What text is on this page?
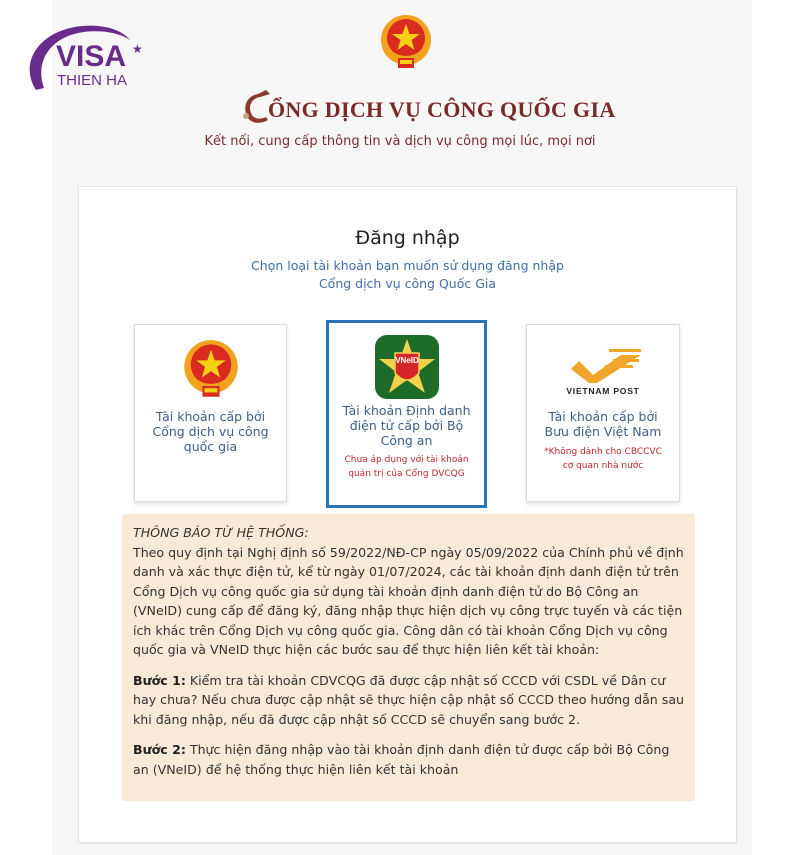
VISA ★
THIEN HA
ỔNG DỊCH VỤ CÔNG QUỐC GIA
Kết nối, cung cấp thông tin và dịch vụ công mọi lúc, mọi nơi
Đăng nhập
Chọn loại tài khoản bạn muốn sử dụng đăng nhập
Cổng dịch vụ công Quốc Gia
Tài khoản cấp bởi
Cổng dịch vụ công
quốc gia
VNeID
Tài khoản Định danh
điện tử cấp bởi Bộ
Công an
Chưa áp dụng với tài khoản
quản trị của Cổng DVCQG
VIETNAM POST
Tài khoản cấp bởi
Bưu điện Việt Nam
*Không dành cho CBCCVC
cơ quan nhà nước

THÔNG BÁO TỪ HỆ THỐNG:

Theo quy định tại Nghị định số 59/2022/NĐ-CP ngày 05/09/2022 của Chính phủ về định danh và xác thực điện tử, kể từ ngày 01/07/2024, các tài khoản định danh điện tử trên Cổng Dịch vụ công quốc gia sử dụng tài khoản định danh điện tử do Bộ Công an (VNeID) cung cấp để đăng ký, đăng nhập thực hiện dịch vụ công trực tuyến và các tiện ích khác trên Cổng Dịch vụ công quốc gia. Công dân có tài khoản Cổng Dịch vụ công quốc gia và VNeID thực hiện các bước sau để thực hiện liên kết tài khoản:

Bước 1: Kiểm tra tài khoản CDVCQG đã được cập nhật số CCCD với CSDL về Dân cư hay chưa? Nếu chưa được cập nhật sẽ thực hiện cập nhật số CCCD theo hướng dẫn sau khi đăng nhập, nếu đã được cập nhật số CCCD sẽ chuyển sang bước 2.

Bước 2: Thực hiện đăng nhập vào tài khoản định danh điện tử được cấp bởi Bộ Công an (VNeID) để hệ thống thực hiện liên kết tài khoản
